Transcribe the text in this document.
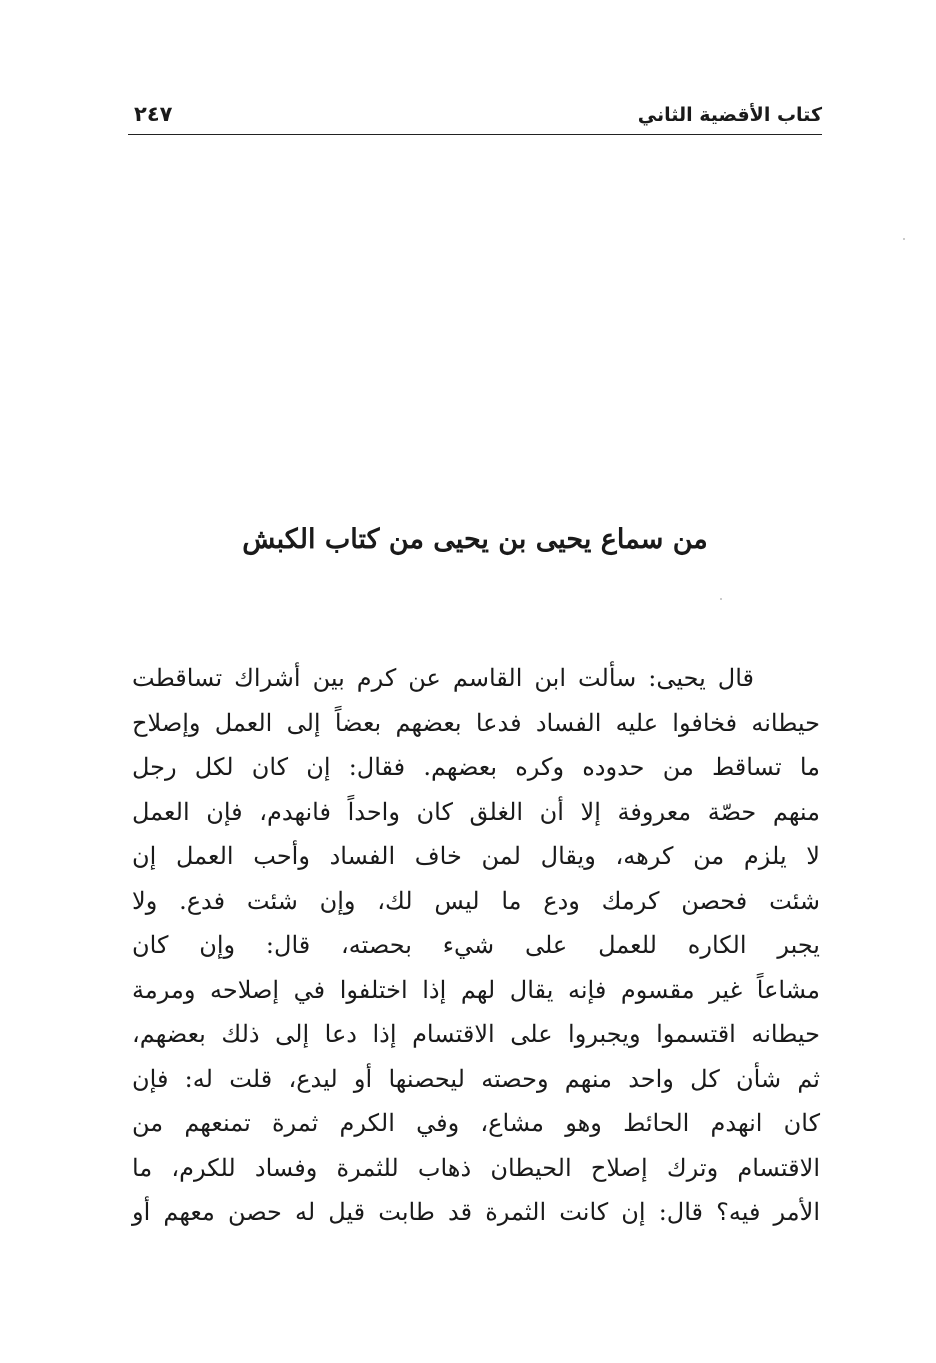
٢٤٧	كتاب الأقضية الثاني
من سماع يحيى بن يحيى من كتاب الكبش
قال يحيى: سألت ابن القاسم عن كرم بين أشراك تساقطت
حيطانه فخافوا عليه الفساد فدعا بعضهم بعضاً إلى العمل وإصلاح
ما تساقط من حدوده وكره بعضهم. فقال: إن كان لكل رجل
منهم حصّة معروفة إلا أن الغلق كان واحداً فانهدم، فإن العمل
لا يلزم من كرهه، ويقال لمن خاف الفساد وأحب العمل إن
شئت فحصن كرمك ودع ما ليس لك، وإن شئت فدع. ولا
يجبر الكاره للعمل على شيء بحصته، قال: وإن كان
مشاعاً غير مقسوم فإنه يقال لهم إذا اختلفوا في إصلاحه ومرمة
حيطانه اقتسموا ويجبروا على الاقتسام إذا دعا إلى ذلك بعضهم،
ثم شأن كل واحد منهم وحصته ليحصنها أو ليدع، قلت له: فإن
كان انهدم الحائط وهو مشاع، وفي الكرم ثمرة تمنعهم من
الاقتسام وترك إصلاح الحيطان ذهاب للثمرة وفساد للكرم، ما
الأمر فيه؟ قال: إن كانت الثمرة قد طابت قيل له حصن معهم أو
